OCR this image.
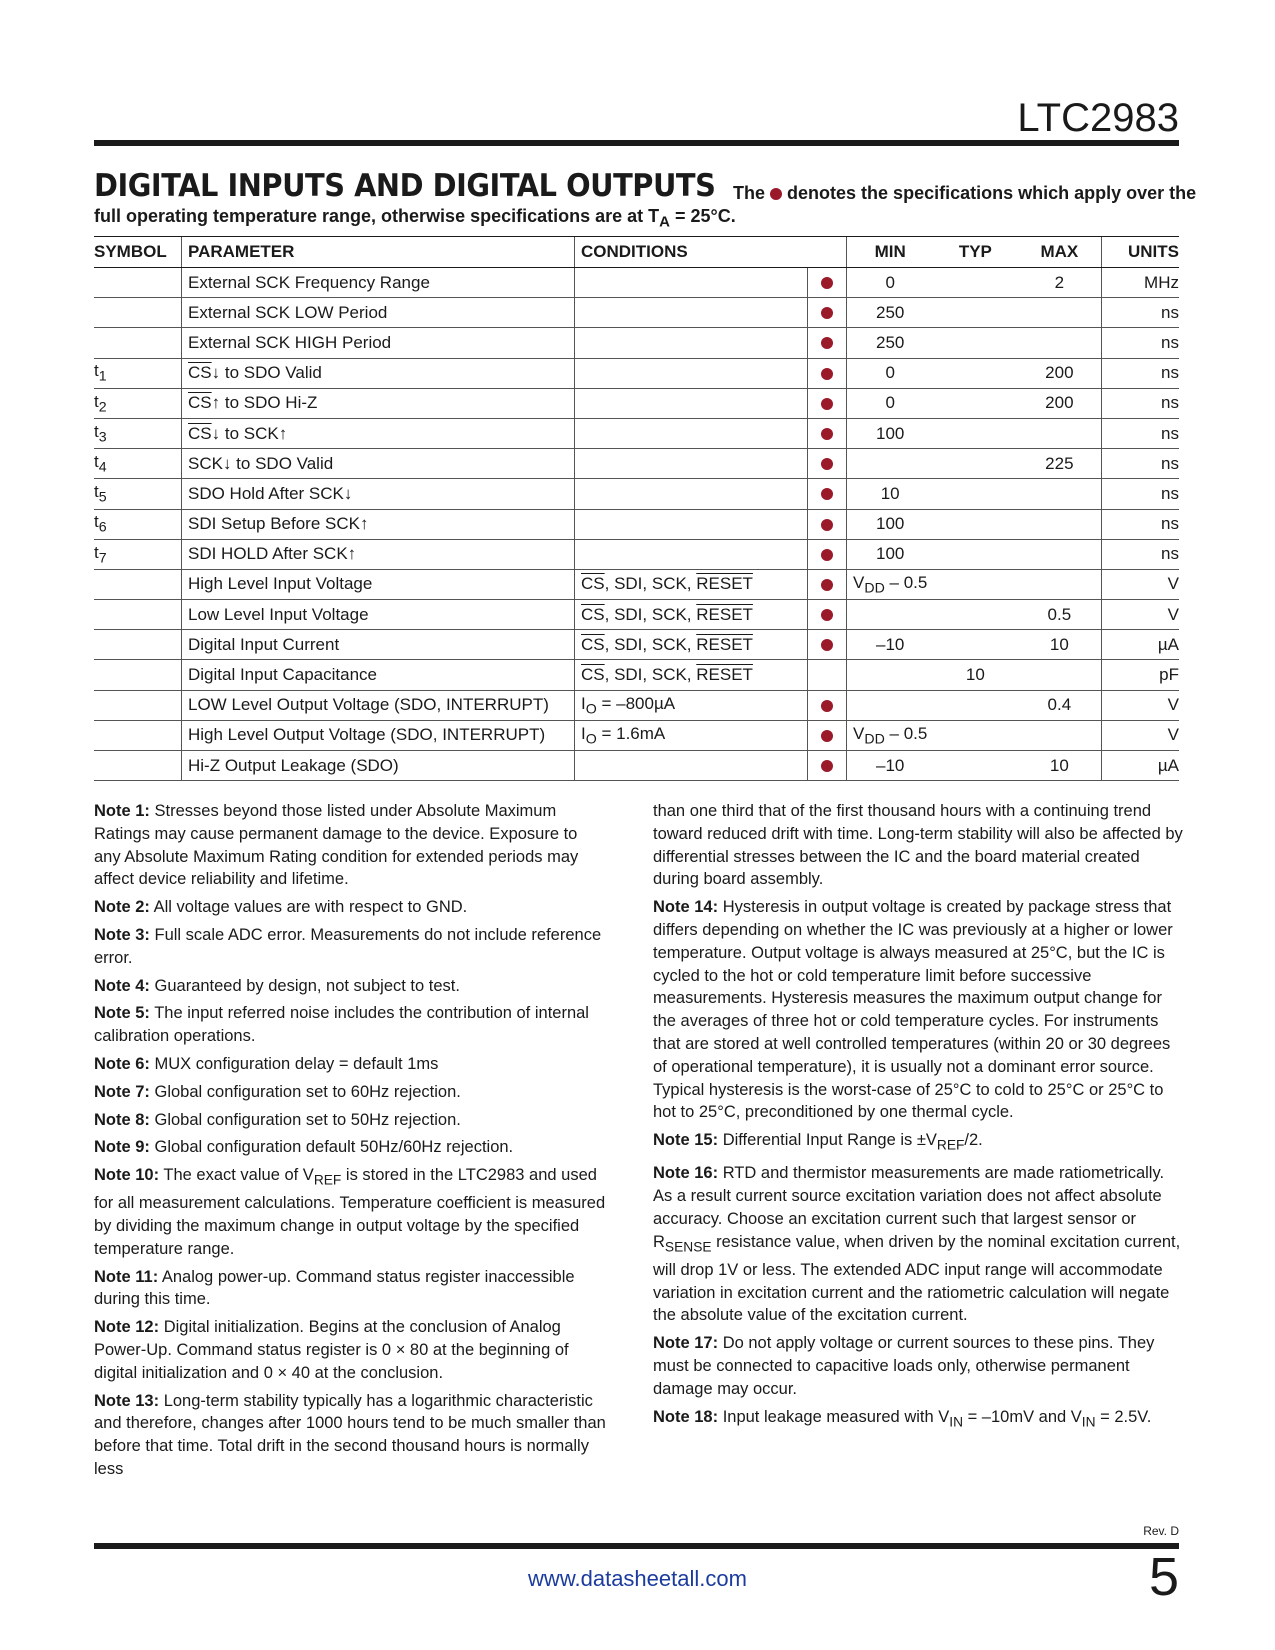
LTC2983
DIGITAL INPUTS AND DIGITAL OUTPUTS The denotes the specifications which apply over the
full operating temperature range, otherwise specifications are at $T_A = 25^\circ C$.
SYMBOL	PARAMETER	CONDITIONS		MIN	TYP	MAX	UNITS
	External SCK Frequency Range			0		2	MHz
	External SCK LOW Period			250			ns
	External SCK HIGH Period			250			ns
$t_1$	$\overline{CS}↓$ to SDO Valid			0		200	ns
$t_2$	$\overline{CS}↑$ to SDO Hi-Z			0		200	ns
$t_3$	$\overline{CS}↓$ to SCK↑			100			ns
$t_4$	SCK↓ to SDO Valid					225	ns
$t_5$	SDO Hold After SCK↓			10			ns
$t_6$	SDI Setup Before SCK↑			100			ns
$t_7$	SDI HOLD After SCK↑			100			ns
	High Level Input Voltage	$\overline{CS}$, SDI, SCK, RESET		$V_{DD} - 0.5$			V
	Low Level Input Voltage	$\overline{CS}$, SDI, SCK, RESET				0.5	V
	Digital Input Current	$\overline{CS}$, SDI, SCK, RESET		–10		10	µA
	Digital Input Capacitance	$\overline{CS}$, SDI, SCK, RESET			10		pF
	LOW Level Output Voltage (SDO, INTERRUPT)	$I_O = -800\mu A$				0.4	V
	High Level Output Voltage (SDO, INTERRUPT)	$I_O = 1.6mA$		$V_{DD} - 0.5$			V
	Hi-Z Output Leakage (SDO)			–10		10	µA
Note 1: Stresses beyond those listed under Absolute Maximum Ratings may cause permanent damage to the device. Exposure to any Absolute Maximum Rating condition for extended periods may affect device reliability and lifetime.
Note 2: All voltage values are with respect to GND.
Note 3: Full scale ADC error. Measurements do not include reference error.
Note 4: Guaranteed by design, not subject to test.
Note 5: The input referred noise includes the contribution of internal calibration operations.
Note 6: MUX configuration delay = default 1ms
Note 7: Global configuration set to 60Hz rejection.
Note 8: Global configuration set to 50Hz rejection.
Note 9: Global configuration default 50Hz/60Hz rejection.
Note 10: The exact value of $V_{REF}$ is stored in the LTC2983 and used for all measurement calculations. Temperature coefficient is measured by dividing the maximum change in output voltage by the specified temperature range.
Note 11: Analog power-up. Command status register inaccessible during this time.
Note 12: Digital initialization. Begins at the conclusion of Analog Power-Up. Command status register is 0 × 80 at the beginning of digital initialization and 0 × 40 at the conclusion.
Note 13: Long-term stability typically has a logarithmic characteristic and therefore, changes after 1000 hours tend to be much smaller than before that time. Total drift in the second thousand hours is normally less
than one third that of the first thousand hours with a continuing trend toward reduced drift with time. Long-term stability will also be affected by differential stresses between the IC and the board material created during board assembly.
Note 14: Hysteresis in output voltage is created by package stress that differs depending on whether the IC was previously at a higher or lower temperature. Output voltage is always measured at 25°C, but the IC is cycled to the hot or cold temperature limit before successive measurements. Hysteresis measures the maximum output change for the averages of three hot or cold temperature cycles. For instruments that are stored at well controlled temperatures (within 20 or 30 degrees of operational temperature), it is usually not a dominant error source. Typical hysteresis is the worst-case of 25°C to cold to 25°C or 25°C to hot to 25°C, preconditioned by one thermal cycle.
Note 15: Differential Input Range is $\pm V_{REF}/2$.
Note 16: RTD and thermistor measurements are made ratiometrically. As a result current source excitation variation does not affect absolute accuracy. Choose an excitation current such that largest sensor or $R_{SENSE}$ resistance value, when driven by the nominal excitation current, will drop 1V or less. The extended ADC input range will accommodate variation in excitation current and the ratiometric calculation will negate the absolute value of the excitation current.
Note 17: Do not apply voltage or current sources to these pins. They must be connected to capacitive loads only, otherwise permanent damage may occur.
Note 18: Input leakage measured with $V_{IN} = -10mV$ and $V_{IN} = 2.5V$.
Rev. D
www.datasheetall.com	5
